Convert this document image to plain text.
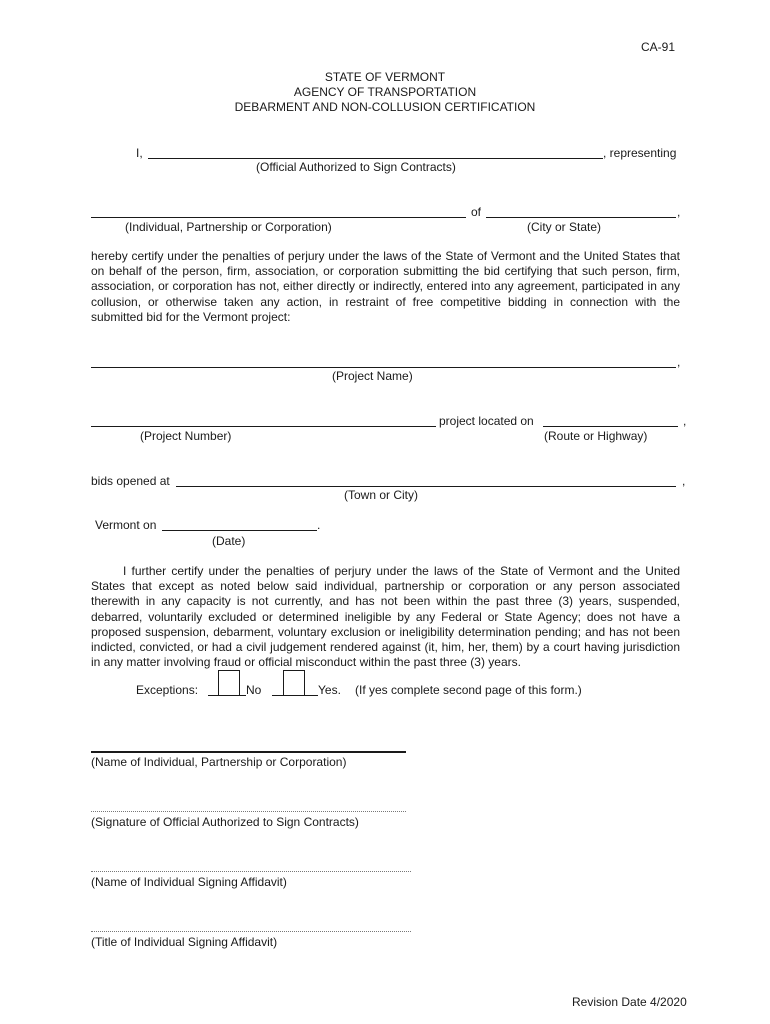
CA-91
STATE OF VERMONT
AGENCY OF TRANSPORTATION
DEBARMENT AND NON-COLLUSION CERTIFICATION
I,	, representing
(Official Authorized to Sign Contracts)
of	,
(Individual, Partnership or Corporation)	(City or State)
hereby certify under the penalties of perjury under the laws of the State of Vermont and the United States that on behalf of the person, firm, association, or corporation submitting the bid certifying that such person, firm, association, or corporation has not, either directly or indirectly, entered into any agreement, participated in any collusion, or otherwise taken any action, in restraint of free competitive bidding in connection with the submitted bid for the Vermont project:
,
(Project Name)
project located on	,
(Project Number)	(Route or Highway)
bids opened at	,
(Town or City)
Vermont on	.
(Date)
I further certify under the penalties of perjury under the laws of the State of Vermont and the United States that except as noted below said individual, partnership or corporation or any person associated therewith in any capacity is not currently, and has not been within the past three (3) years, suspended, debarred, voluntarily excluded or determined ineligible by any Federal or State Agency; does not have a proposed suspension, debarment, voluntary exclusion or ineligibility determination pending; and has not been indicted, convicted, or had a civil judgement rendered against (it, him, her, them) by a court having jurisdiction in any matter involving fraud or official misconduct within the past three (3) years.
Exceptions:	No	Yes. (If yes complete second page of this form.)
(Name of Individual, Partnership or Corporation)
(Signature of Official Authorized to Sign Contracts)
(Name of Individual Signing Affidavit)
(Title of Individual Signing Affidavit)
Revision Date 4/2020
